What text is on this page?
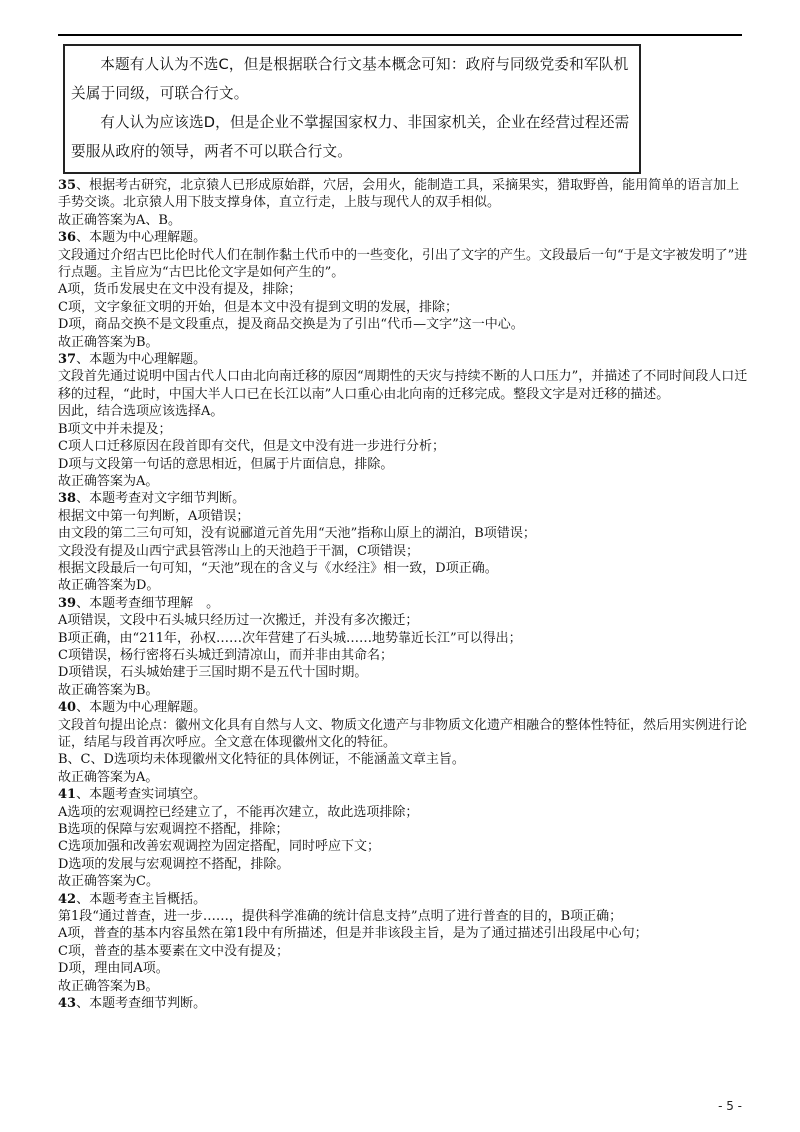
本题有人认为不选C，但是根据联合行文基本概念可知：政府与同级党委和军队机关属于同级，可联合行文。

有人认为应该选D，但是企业不掌握国家权力、非国家机关，企业在经营过程还需要服从政府的领导，两者不可以联合行文。

35、根据考古研究，北京猿人已形成原始群，穴居，会用火，能制造工具，采摘果实，猎取野兽，能用简单的语言加上手势交谈。北京猿人用下肢支撑身体，直立行走，上肢与现代人的双手相似。
故正确答案为A、B。
36、本题为中心理解题。
文段通过介绍古巴比伦时代人们在制作黏土代币中的一些变化，引出了文字的产生。文段最后一句“于是文字被发明了”进行点题。主旨应为“古巴比伦文字是如何产生的”。
A项，货币发展史在文中没有提及，排除；
C项，文字象征文明的开始，但是本文中没有提到文明的发展，排除；
D项，商品交换不是文段重点，提及商品交换是为了引出“代币—文字”这一中心。
故正确答案为B。
37、本题为中心理解题。
文段首先通过说明中国古代人口由北向南迁移的原因“周期性的天灾与持续不断的人口压力”，并描述了不同时间段人口迁移的过程，“此时，中国大半人口已在长江以南”人口重心由北向南的迁移完成。整段文字是对迁移的描述。
因此，结合选项应该选择A。
B项文中并未提及；
C项人口迁移原因在段首即有交代，但是文中没有进一步进行分析；
D项与文段第一句话的意思相近，但属于片面信息，排除。
故正确答案为A。
38、本题考查对文字细节判断。
根据文中第一句判断，A项错误；
由文段的第二三句可知，没有说郦道元首先用“天池”指称山原上的湖泊，B项错误；
文段没有提及山西宁武县管涔山上的天池趋于干涸，C项错误；
根据文段最后一句可知，“天池”现在的含义与《水经注》相一致，D项正确。
故正确答案为D。
39、本题考查细节理解　。
A项错误，文段中石头城只经历过一次搬迁，并没有多次搬迁；
B项正确，由“211年，孙权……次年营建了石头城……地势靠近长江”可以得出；
C项错误，杨行密将石头城迁到清凉山，而并非由其命名；
D项错误，石头城始建于三国时期不是五代十国时期。
故正确答案为B。
40、本题为中心理解题。
文段首句提出论点：徽州文化具有自然与人文、物质文化遗产与非物质文化遗产相融合的整体性特征，然后用实例进行论证，结尾与段首再次呼应。全文意在体现徽州文化的特征。
B、C、D选项均未体现徽州文化特征的具体例证，不能涵盖文章主旨。
故正确答案为A。
41、本题考查实词填空。
A选项的宏观调控已经建立了，不能再次建立，故此选项排除；
B选项的保障与宏观调控不搭配，排除；
C选项加强和改善宏观调控为固定搭配，同时呼应下文；
D选项的发展与宏观调控不搭配，排除。
故正确答案为C。
42、本题考查主旨概括。
第1段“通过普查，进一步……，提供科学准确的统计信息支持”点明了进行普查的目的，B项正确；
A项，普查的基本内容虽然在第1段中有所描述，但是并非该段主旨，是为了通过描述引出段尾中心句；
C项，普查的基本要素在文中没有提及；
D项，理由同A项。
故正确答案为B。
43、本题考查细节判断。
- 5 -
